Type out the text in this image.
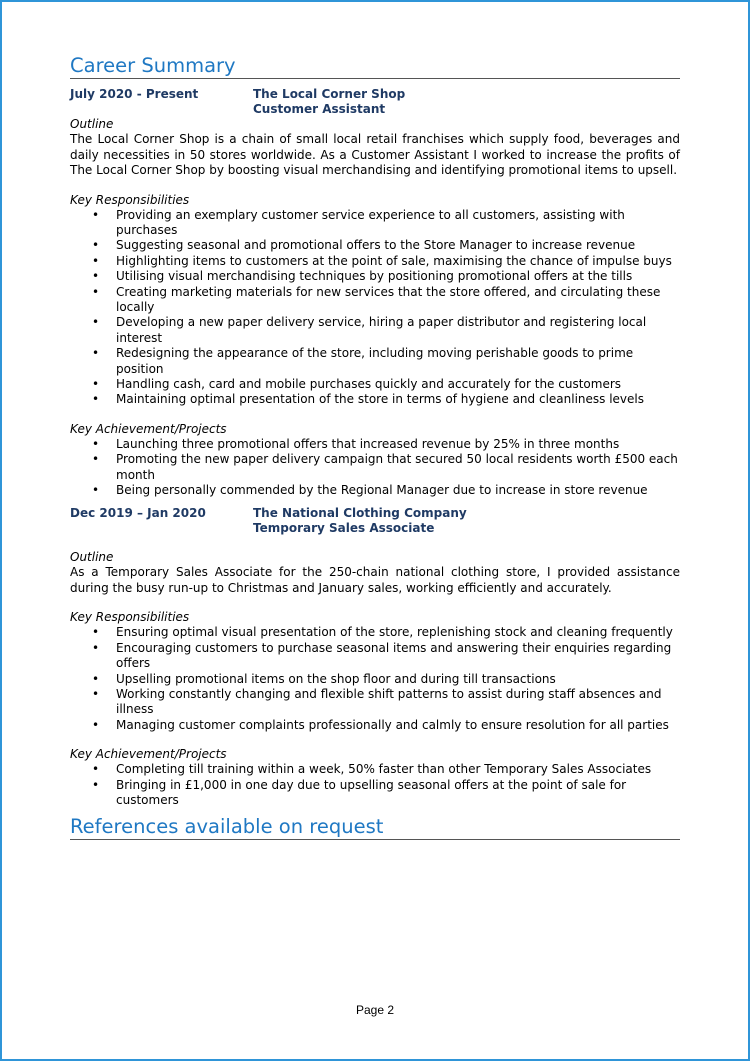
Career Summary
July 2020 - Present	The Local Corner Shop
Customer Assistant
Outline

The Local Corner Shop is a chain of small local retail franchises which supply food, beverages and daily necessities in 50 stores worldwide. As a Customer Assistant I worked to increase the profits of The Local Corner Shop by boosting visual merchandising and identifying promotional items to upsell.

Key Responsibilities
• Providing an exemplary customer service experience to all customers, assisting with purchases
• Suggesting seasonal and promotional offers to the Store Manager to increase revenue
• Highlighting items to customers at the point of sale, maximising the chance of impulse buys
• Utilising visual merchandising techniques by positioning promotional offers at the tills
• Creating marketing materials for new services that the store offered, and circulating these locally
• Developing a new paper delivery service, hiring a paper distributor and registering local interest
• Redesigning the appearance of the store, including moving perishable goods to prime position
• Handling cash, card and mobile purchases quickly and accurately for the customers
• Maintaining optimal presentation of the store in terms of hygiene and cleanliness levels
Key Achievement/Projects
• Launching three promotional offers that increased revenue by 25% in three months
• Promoting the new paper delivery campaign that secured 50 local residents worth £500 each month
• Being personally commended by the Regional Manager due to increase in store revenue
Dec 2019 – Jan 2020	The National Clothing Company
Temporary Sales Associate
Outline

As a Temporary Sales Associate for the 250-chain national clothing store, I provided assistance during the busy run-up to Christmas and January sales, working efficiently and accurately.

Key Responsibilities
• Ensuring optimal visual presentation of the store, replenishing stock and cleaning frequently
• Encouraging customers to purchase seasonal items and answering their enquiries regarding offers
• Upselling promotional items on the shop floor and during till transactions
• Working constantly changing and flexible shift patterns to assist during staff absences and illness
• Managing customer complaints professionally and calmly to ensure resolution for all parties
Key Achievement/Projects
• Completing till training within a week, 50% faster than other Temporary Sales Associates
• Bringing in £1,000 in one day due to upselling seasonal offers at the point of sale for customers
References available on request
Page 2
